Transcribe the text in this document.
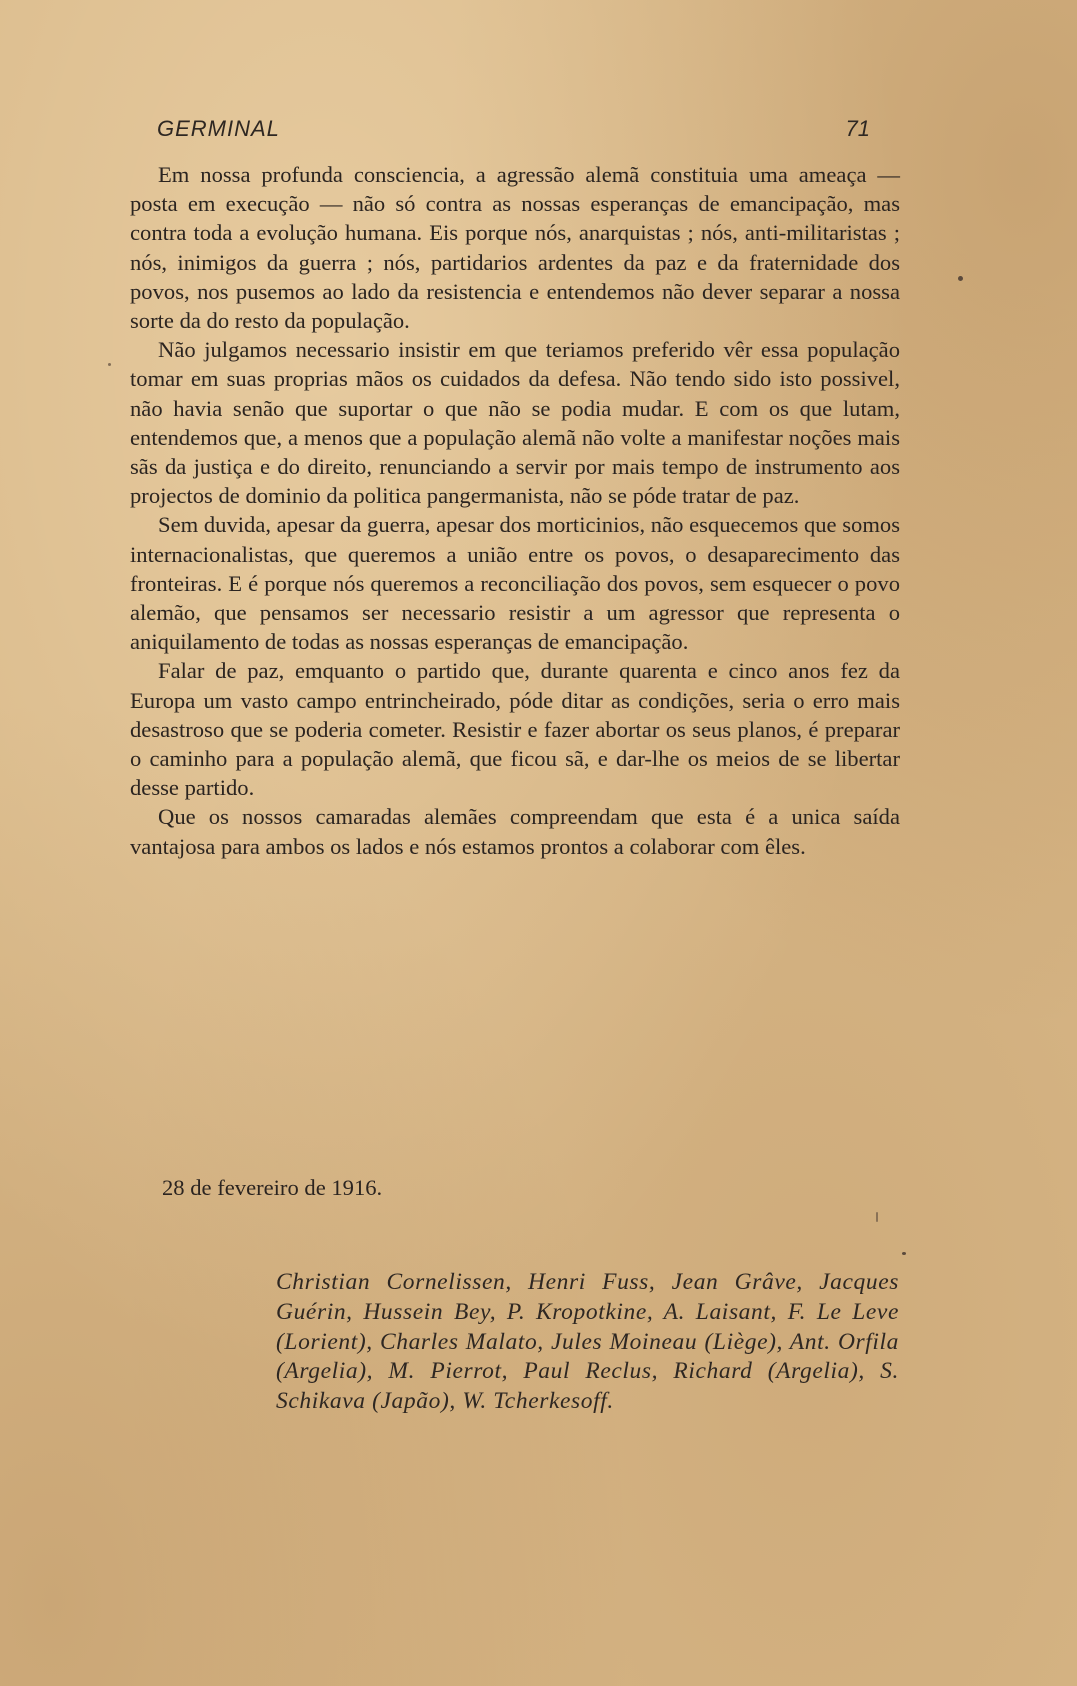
GERMINAL	71

Em nossa profunda consciencia, a agressão alemã constituia uma ameaça — posta em execução — não só contra as nossas esperanças de emancipação, mas contra toda a evolução humana. Eis porque nós, anarquistas ; nós, anti-militaristas ; nós, inimigos da guerra ; nós, partidarios ardentes da paz e da fraternidade dos povos, nos pusemos ao lado da resistencia e entendemos não dever separar a nossa sorte da do resto da população.

Não julgamos necessario insistir em que teriamos preferido vêr essa população tomar em suas proprias mãos os cuidados da defesa. Não tendo sido isto possivel, não havia senão que suportar o que não se podia mudar. E com os que lutam, entendemos que, a menos que a população alemã não volte a manifestar noções mais sãs da justiça e do direito, renunciando a servir por mais tempo de instrumento aos projectos de dominio da politica pangermanista, não se póde tratar de paz.

Sem duvida, apesar da guerra, apesar dos morticinios, não esquecemos que somos internacionalistas, que queremos a união entre os povos, o desaparecimento das fronteiras. E é porque nós queremos a reconciliação dos povos, sem esquecer o povo alemão, que pensamos ser necessario resistir a um agressor que representa o aniquilamento de todas as nossas esperanças de emancipação.

Falar de paz, emquanto o partido que, durante quarenta e cinco anos fez da Europa um vasto campo entrincheirado, póde ditar as condições, seria o erro mais desastroso que se poderia cometer. Resistir e fazer abortar os seus planos, é preparar o caminho para a população alemã, que ficou sã, e dar-lhe os meios de se libertar desse partido.

Que os nossos camaradas alemães compreendam que esta é a unica saída vantajosa para ambos os lados e nós estamos prontos a colaborar com êles.

28 de fevereiro de 1916.
Christian Cornelissen, Henri Fuss, Jean Grâve, Jacques Guérin, Hussein Bey, P. Kropotkine, A. Laisant, F. Le Leve (Lorient), Charles Malato, Jules Moineau (Liège), Ant. Orfila (Argelia), M. Pierrot, Paul Reclus, Richard (Argelia), S. Schikava (Japão), W. Tcherkesoff.
